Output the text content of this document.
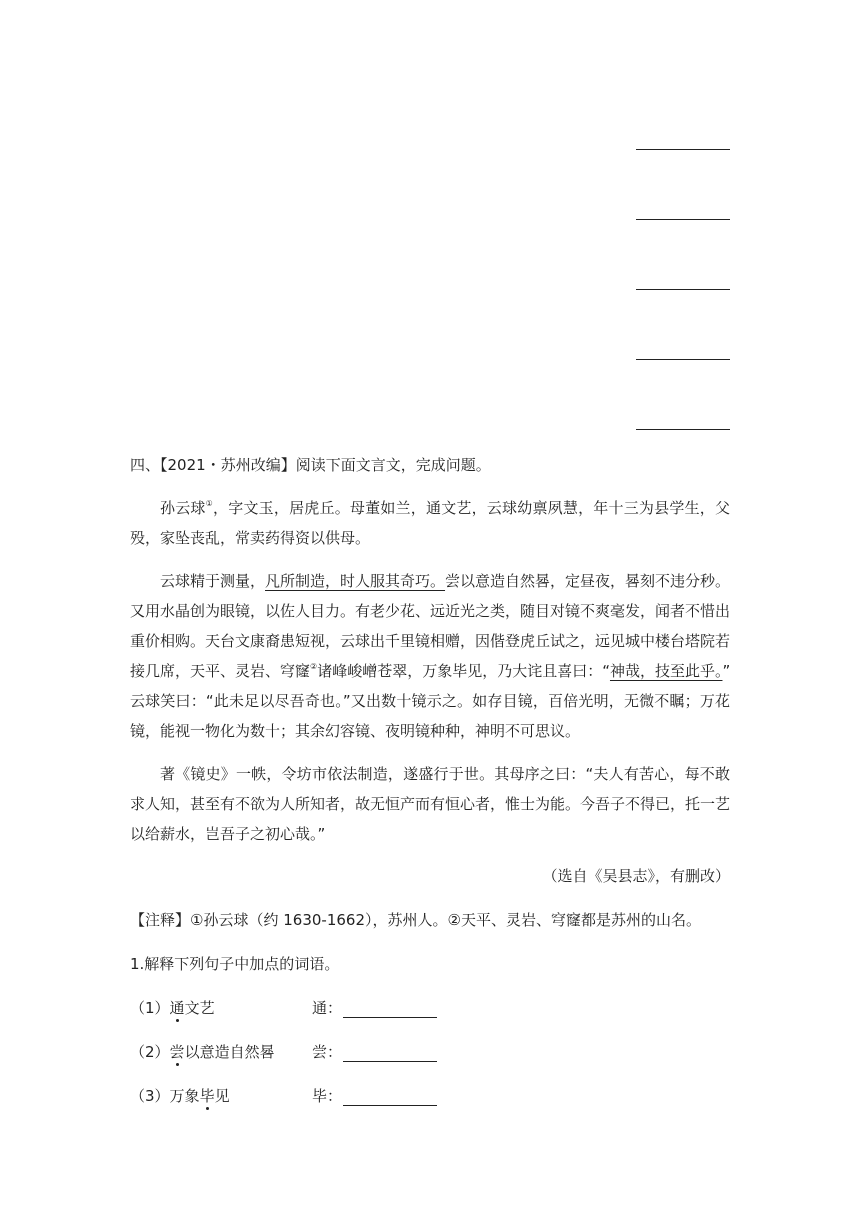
四、【2021・苏州改编】阅读下面文言文，完成问题。
孙云球①，字文玉，居虎丘。母董如兰，通文艺，云球幼禀夙慧，年十三为县学生，父
殁，家坠丧乱，常卖药得资以供母。
云球精于测量，凡所制造，时人服其奇巧。尝以意造自然晷，定昼夜，晷刻不违分秒。
又用水晶创为眼镜，以佐人目力。有老少花、远近光之类，随目对镜不爽毫发，闻者不惜出
重价相购。天台文康裔患短视，云球出千里镜相赠，因偕登虎丘试之，远见城中楼台塔院若
接几席，天平、灵岩、穹窿②诸峰峻嶒苍翠，万象毕见，乃大诧且喜曰：“神哉，技至此乎。”
云球笑曰：“此未足以尽吾奇也。”又出数十镜示之。如存目镜，百倍光明，无微不瞩；万花
镜，能视一物化为数十；其余幻容镜、夜明镜种种，神明不可思议。
著《镜史》一帙，令坊市依法制造，遂盛行于世。其母序之曰：“夫人有苦心，每不敢
求人知，甚至有不欲为人所知者，故无恒产而有恒心者，惟士为能。今吾子不得已，托一艺
以给薪水，岂吾子之初心哉。”
（选自《吴县志》，有删改）
【注释】①孙云球（约 1630-1662），苏州人。②天平、灵岩、穹窿都是苏州的山名。
1.解释下列句子中加点的词语。
（1）通文艺	通：
（2）尝以意造自然晷 尝：
（3）万象毕见	毕：
